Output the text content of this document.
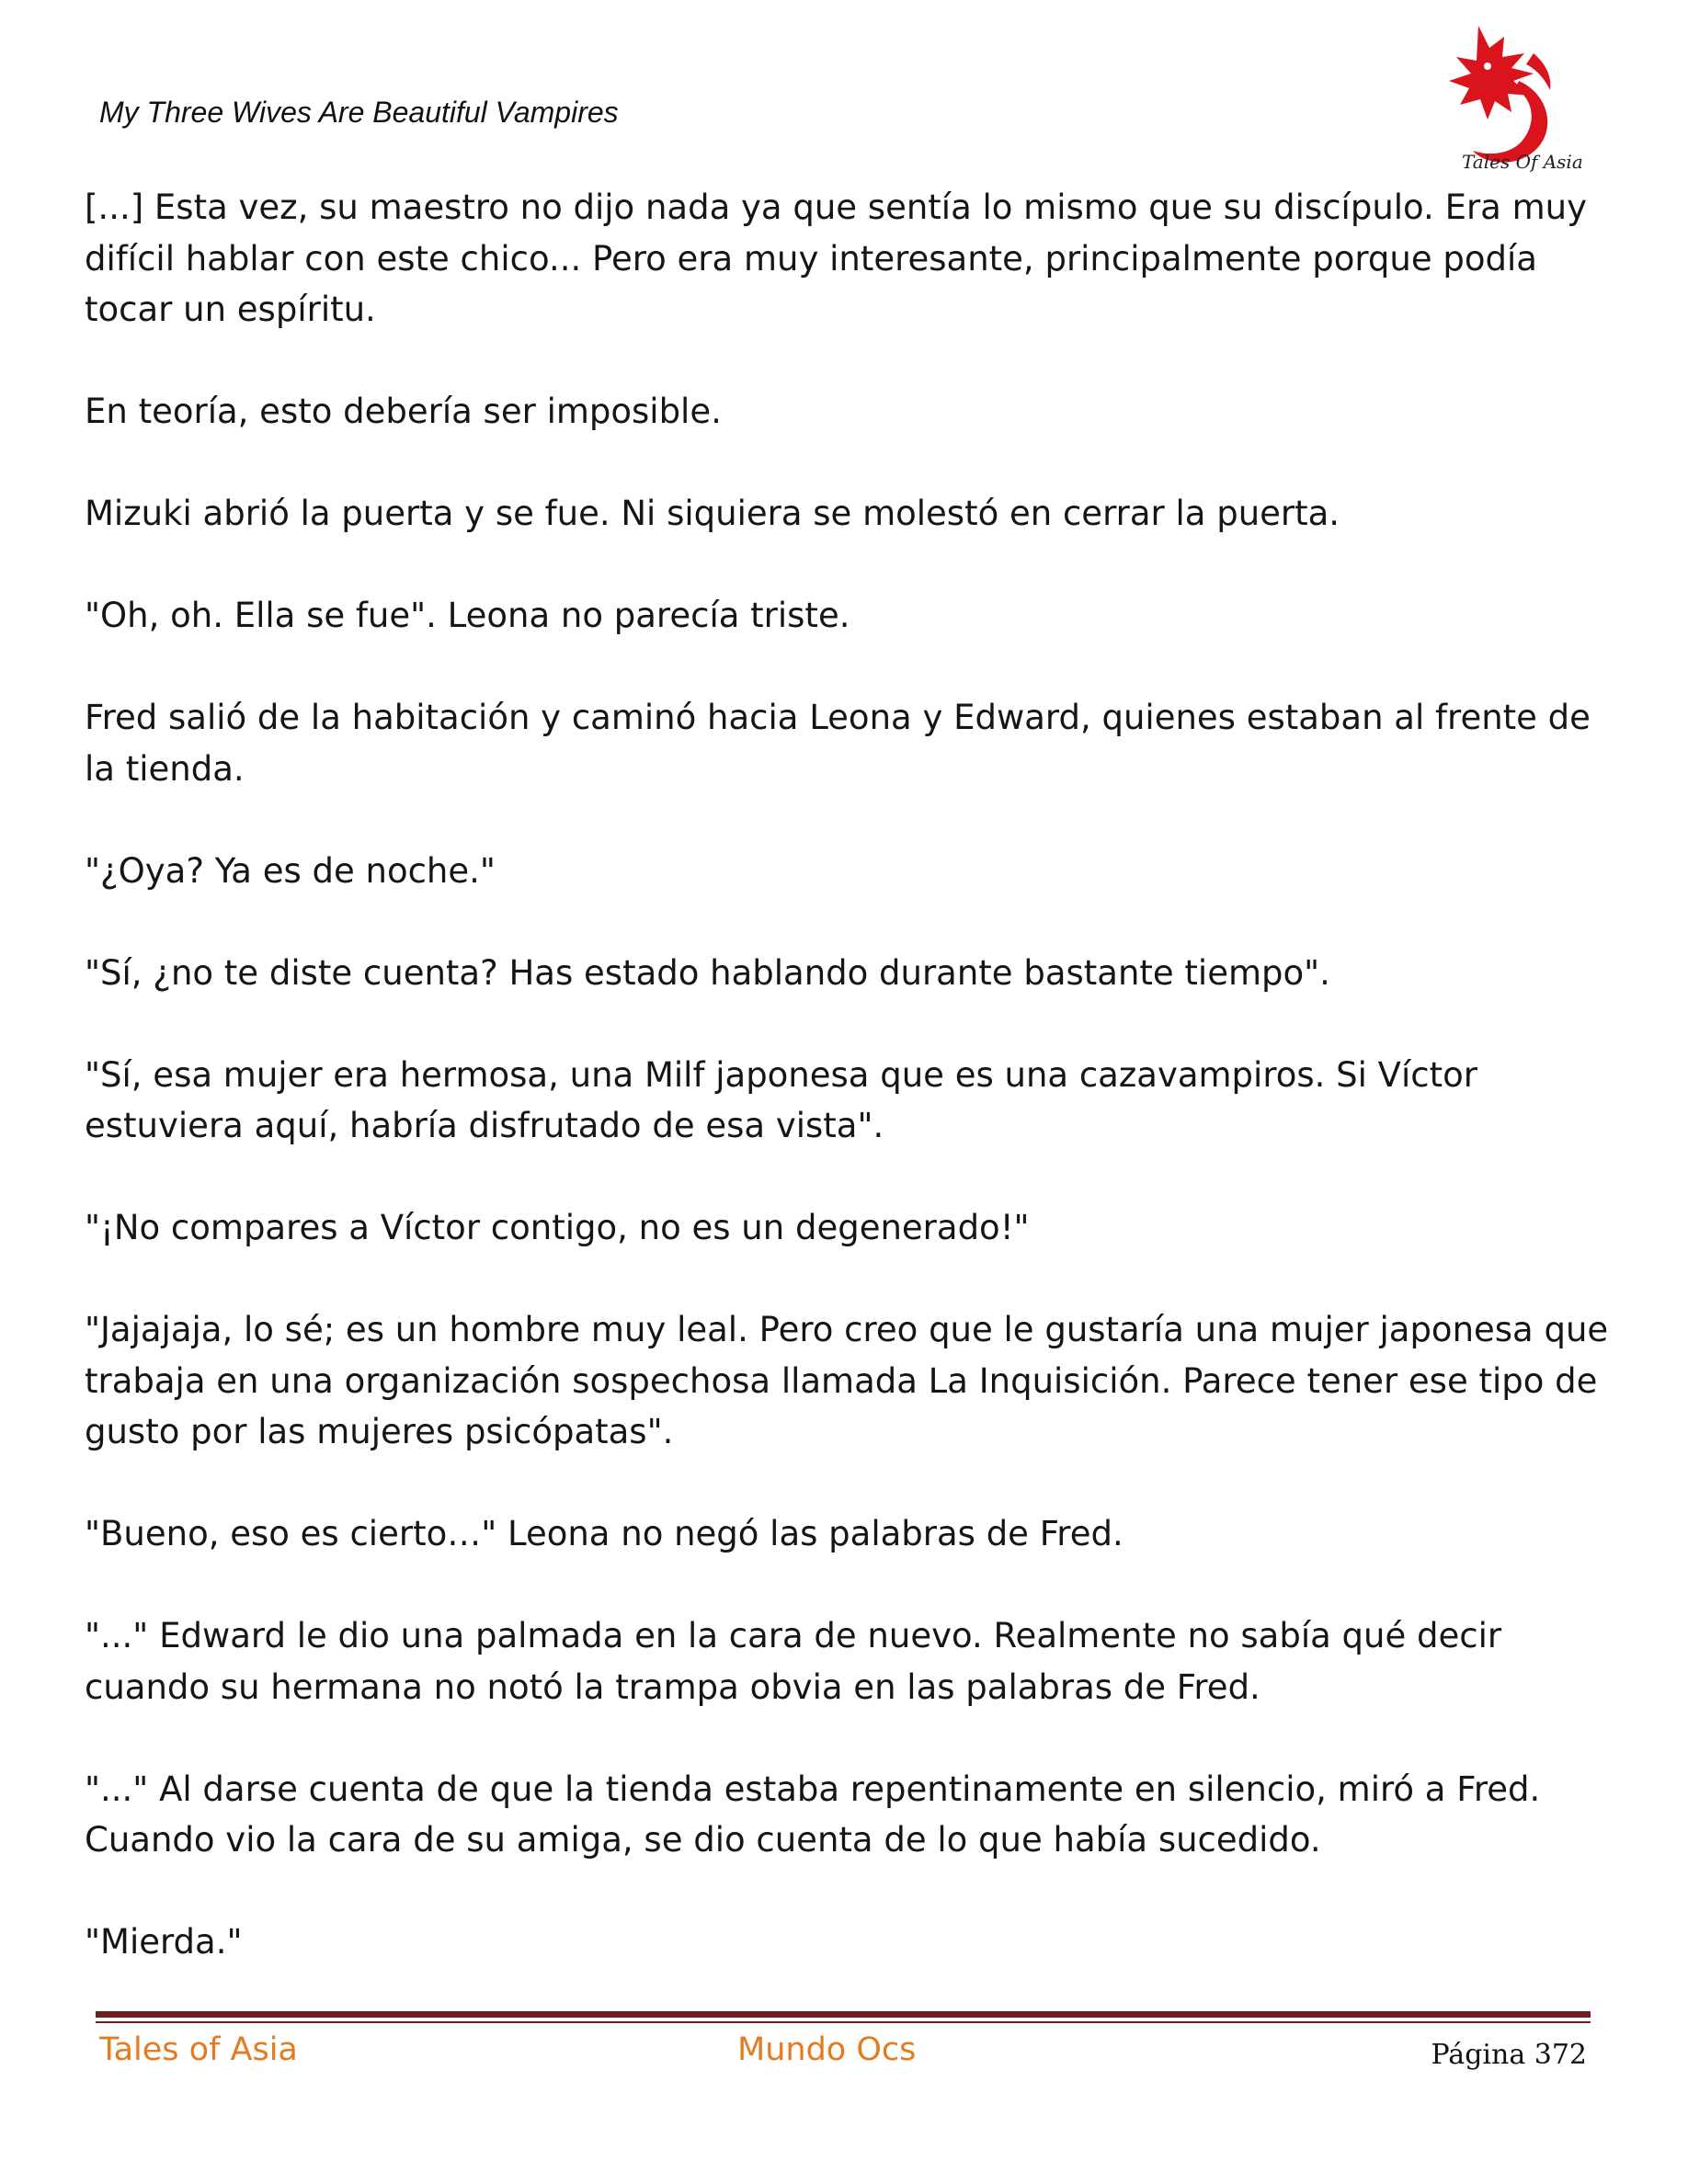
My Three Wives Are Beautiful Vampires
Tales Of Asia

[...] Esta vez, su maestro no dijo nada ya que sentía lo mismo que su discípulo. Era muy difícil hablar con este chico... Pero era muy interesante, principalmente porque podía tocar un espíritu.

En teoría, esto debería ser imposible.

Mizuki abrió la puerta y se fue. Ni siquiera se molestó en cerrar la puerta.

"Oh, oh. Ella se fue". Leona no parecía triste.

Fred salió de la habitación y caminó hacia Leona y Edward, quienes estaban al frente de la tienda.

"¿Oya? Ya es de noche."

"Sí, ¿no te diste cuenta? Has estado hablando durante bastante tiempo".

"Sí, esa mujer era hermosa, una Milf japonesa que es una cazavampiros. Si Víctor estuviera aquí, habría disfrutado de esa vista".

"¡No compares a Víctor contigo, no es un degenerado!"

"Jajajaja, lo sé; es un hombre muy leal. Pero creo que le gustaría una mujer japonesa que trabaja en una organización sospechosa llamada La Inquisición. Parece tener ese tipo de gusto por las mujeres psicópatas".

"Bueno, eso es cierto…" Leona no negó las palabras de Fred.

"..." Edward le dio una palmada en la cara de nuevo. Realmente no sabía qué decir cuando su hermana no notó la trampa obvia en las palabras de Fred.

"..." Al darse cuenta de que la tienda estaba repentinamente en silencio, miró a Fred. Cuando vio la cara de su amiga, se dio cuenta de lo que había sucedido.

"Mierda."

Tales of Asia	Mundo Ocs	Página 372
